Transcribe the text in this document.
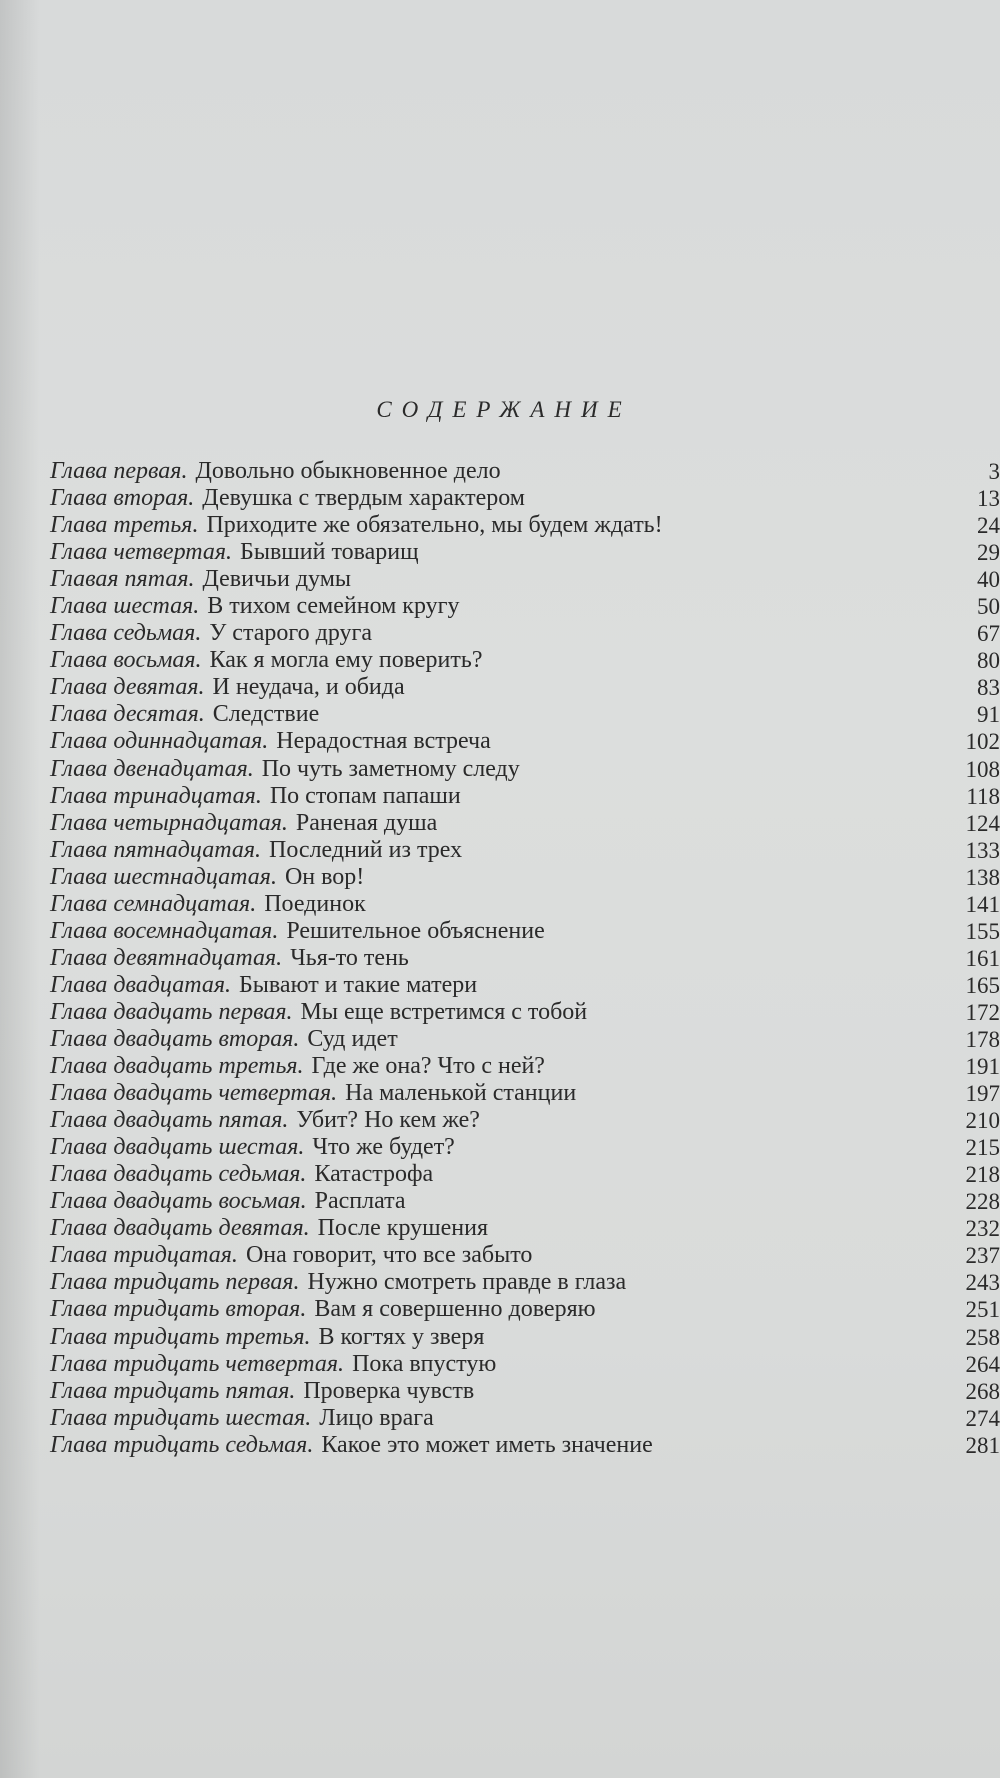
СОДЕРЖАНИЕ
Глава первая. Довольно обыкновенное дело	3
Глава вторая. Девушка с твердым характером	13
Глава третья. Приходите же обязательно, мы будем ждать!	24
Глава четвертая. Бывший товарищ	29
Главая пятая. Девичьи думы	40
Глава шестая. В тихом семейном кругу	50
Глава седьмая. У старого друга	67
Глава восьмая. Как я могла ему поверить?	80
Глава девятая. И неудача, и обида	83
Глава десятая. Следствие	91
Глава одиннадцатая. Нерадостная встреча	102
Глава двенадцатая. По чуть заметному следу	108
Глава тринадцатая. По стопам папаши	118
Глава четырнадцатая. Раненая душа	124
Глава пятнадцатая. Последний из трех	133
Глава шестнадцатая. Он вор!	138
Глава семнадцатая. Поединок	141
Глава восемнадцатая. Решительное объяснение	155
Глава девятнадцатая. Чья-то тень	161
Глава двадцатая. Бывают и такие матери	165
Глава двадцать первая. Мы еще встретимся с тобой	172
Глава двадцать вторая. Суд идет	178
Глава двадцать третья. Где же она? Что с ней?	191
Глава двадцать четвертая. На маленькой станции	197
Глава двадцать пятая. Убит? Но кем же?	210
Глава двадцать шестая. Что же будет?	215
Глава двадцать седьмая. Катастрофа	218
Глава двадцать восьмая. Расплата	228
Глава двадцать девятая. После крушения	232
Глава тридцатая. Она говорит, что все забыто	237
Глава тридцать первая. Нужно смотреть правде в глаза	243
Глава тридцать вторая. Вам я совершенно доверяю	251
Глава тридцать третья. В когтях у зверя	258
Глава тридцать четвертая. Пока впустую	264
Глава тридцать пятая. Проверка чувств	268
Глава тридцать шестая. Лицо врага	274
Глава тридцать седьмая. Какое это может иметь значение	281
